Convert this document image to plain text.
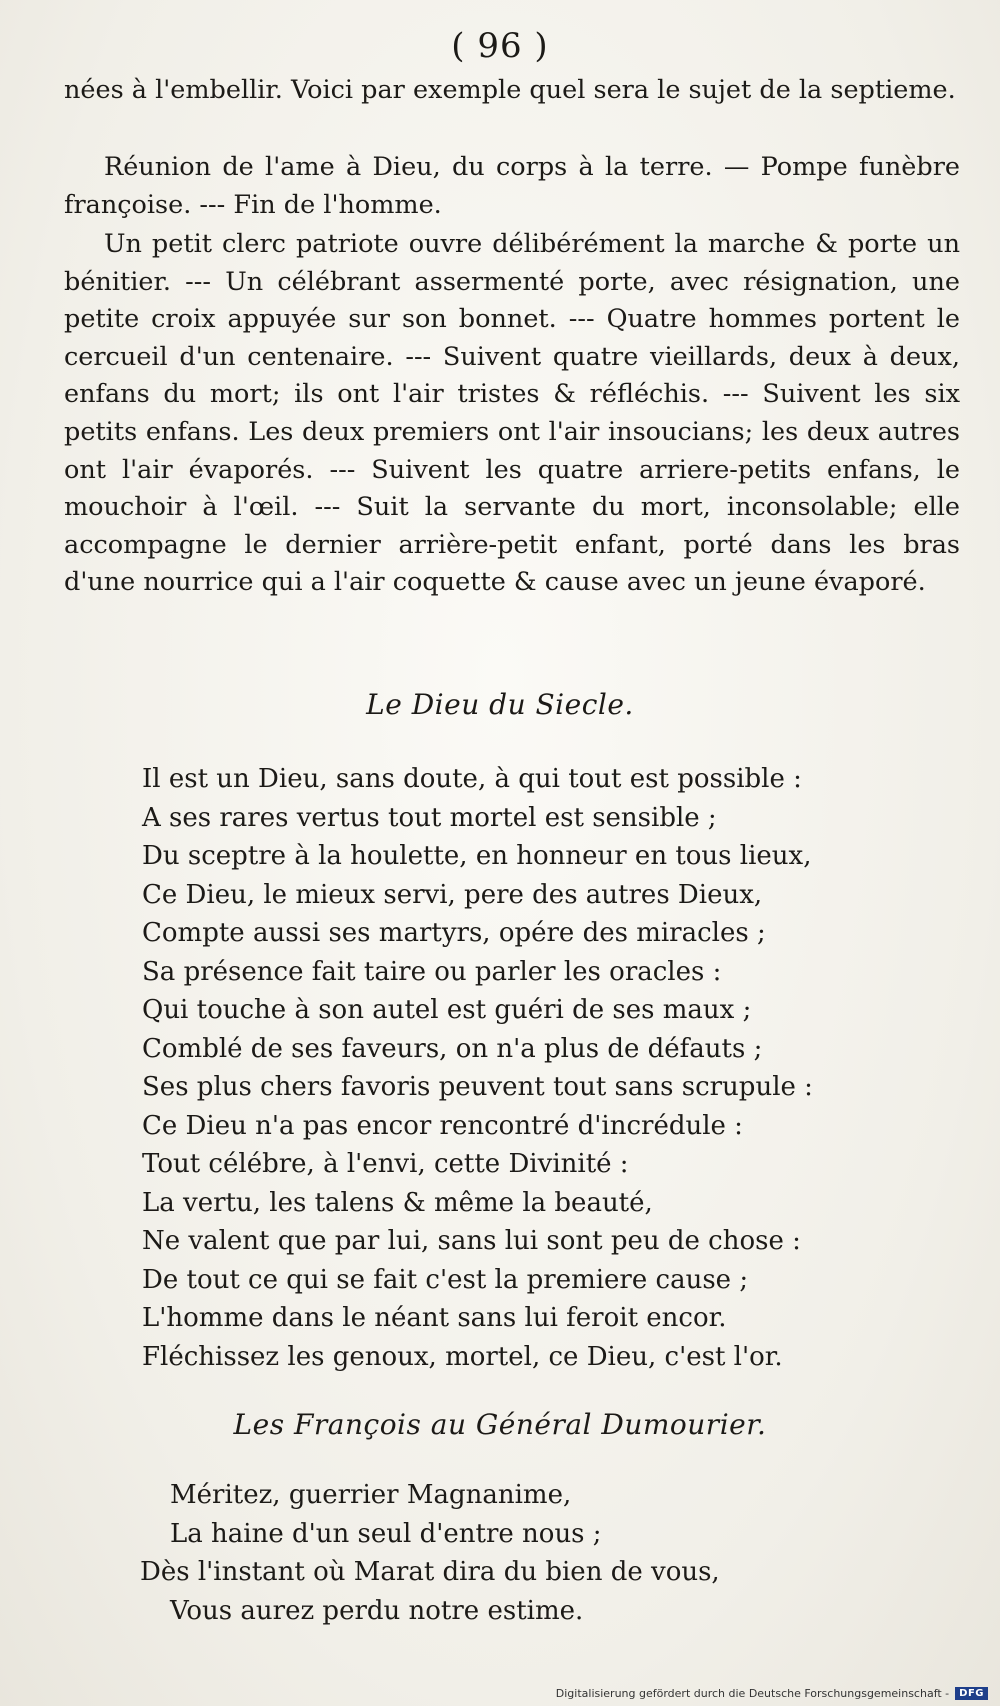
( 96 )

nées à l'embellir. Voici par exemple quel sera le sujet de la septieme.

Réunion de l'ame à Dieu, du corps à la terre. — Pompe funèbre françoise. --- Fin de l'homme.

Un petit clerc patriote ouvre délibérément la marche & porte un bénitier. --- Un célébrant assermenté porte, avec résignation, une petite croix appuyée sur son bonnet. --- Quatre hommes portent le cercueil d'un centenaire. --- Suivent quatre vieillards, deux à deux, enfans du mort; ils ont l'air tristes & réfléchis. --- Suivent les six petits enfans. Les deux premiers ont l'air insoucians; les deux autres ont l'air évaporés. --- Suivent les quatre arriere-petits enfans, le mouchoir à l'œil. --- Suit la servante du mort, inconsolable; elle accompagne le dernier arrière-petit enfant, porté dans les bras d'une nourrice qui a l'air coquette & cause avec un jeune évaporé.

Le Dieu du Siecle.
Il est un Dieu, sans doute, à qui tout est possible :
A ses rares vertus tout mortel est sensible ;
Du sceptre à la houlette, en honneur en tous lieux,
Ce Dieu, le mieux servi, pere des autres Dieux,
Compte aussi ses martyrs, opére des miracles ;
Sa présence fait taire ou parler les oracles :
Qui touche à son autel est guéri de ses maux ;
Comblé de ses faveurs, on n'a plus de défauts ;
Ses plus chers favoris peuvent tout sans scrupule :
Ce Dieu n'a pas encor rencontré d'incrédule :
Tout célébre, à l'envi, cette Divinité :
La vertu, les talens & même la beauté,
Ne valent que par lui, sans lui sont peu de chose :
De tout ce qui se fait c'est la premiere cause ;
L'homme dans le néant sans lui feroit encor.
Fléchissez les genoux, mortel, ce Dieu, c'est l'or.
Les François au Général Dumourier.
Méritez, guerrier Magnanime,
La haine d'un seul d'entre nous ;
Dès l'instant où Marat dira du bien de vous,
Vous aurez perdu notre estime.
Digitalisierung gefördert durch die Deutsche Forschungsgemeinschaft -	DFG
